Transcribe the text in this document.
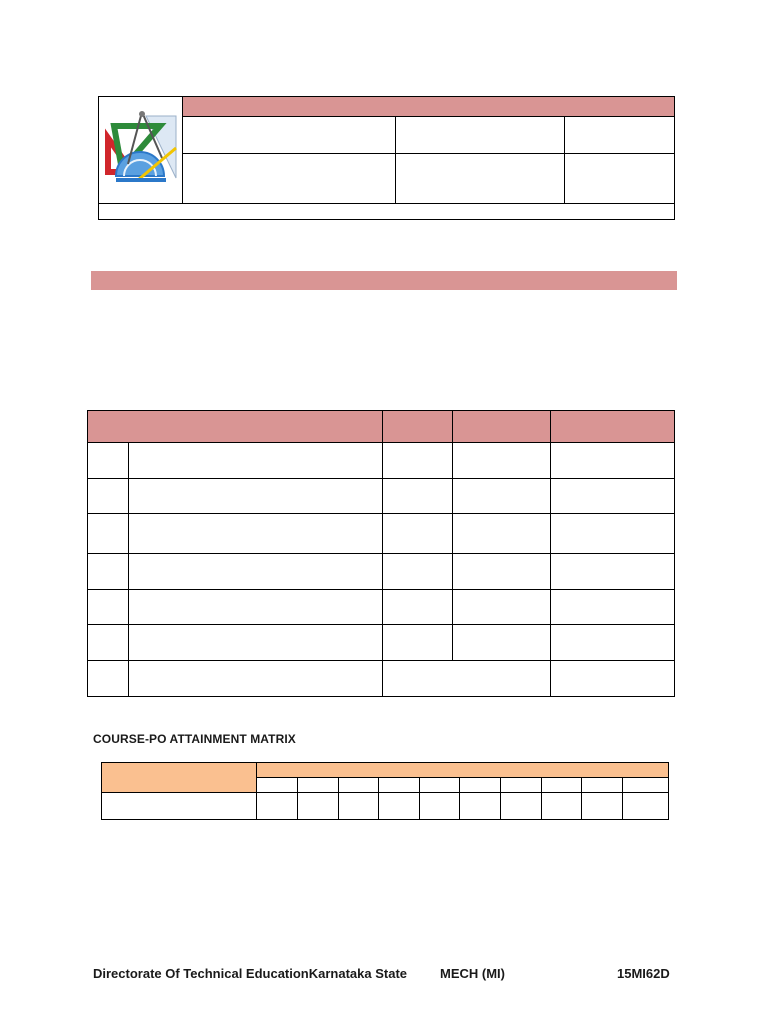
COURSE-PO ATTAINMENT MATRIX

Directorate Of Technical EducationKarnataka State	MECH (MI)	15MI62D
